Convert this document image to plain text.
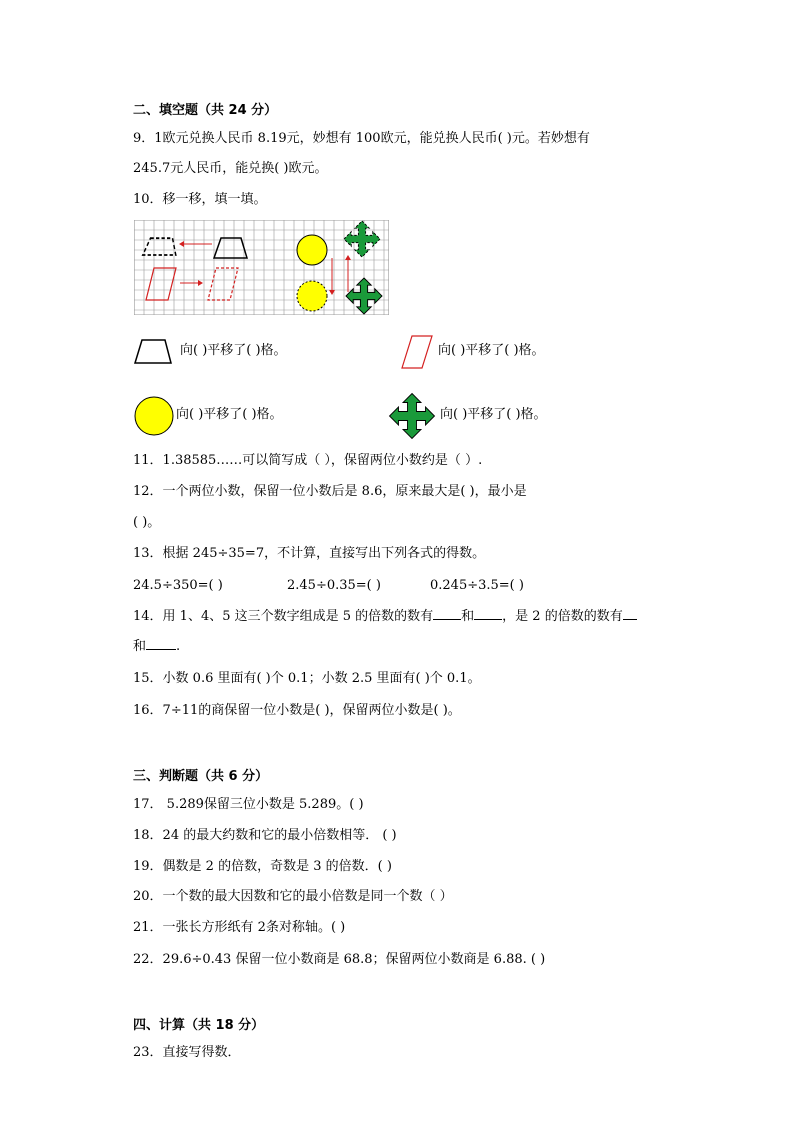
二、填空题（共 24 分）
9．1欧元兑换人民币 8.19元，妙想有 100欧元，能兑换人民币( )元。若妙想有
245.7元人民币，能兑换( )欧元。
10．移一移，填一填。
向( )平移了( )格。	向( )平移了( )格。
向( )平移了( )格。	向( )平移了( )格。
11．1.38585……可以简写成（ ），保留两位小数约是（ ）.
12．一个两位小数，保留一位小数后是 8.6，原来最大是( )，最小是
( )。
13．根据 245÷35=7，不计算，直接写出下列各式的得数。
24.5÷350=( )	2.45÷0.35=( )	0.245÷3.5=( )
14．用 1、4、5 这三个数字组成是 5 的倍数的数有 和 ，是 2 的倍数的数有
和 .
15．小数 0.6 里面有( )个 0.1；小数 2.5 里面有( )个 0.1。
16．7÷11的商保留一位小数是( )，保留两位小数是( )。
三、判断题（共 6 分）
17． 5.2̇89̇保留三位小数是 5.289。( )
18．24 的最大约数和它的最小倍数相等． ( )
19．偶数是 2 的倍数，奇数是 3 的倍数．( )
20．一个数的最大因数和它的最小倍数是同一个数（ ）
21．一张长方形纸有 2条对称轴。( )
22．29.6÷0.43 保留一位小数商是 68.8；保留两位小数商是 6.88. ( )
四、计算（共 18 分）
23．直接写得数．
